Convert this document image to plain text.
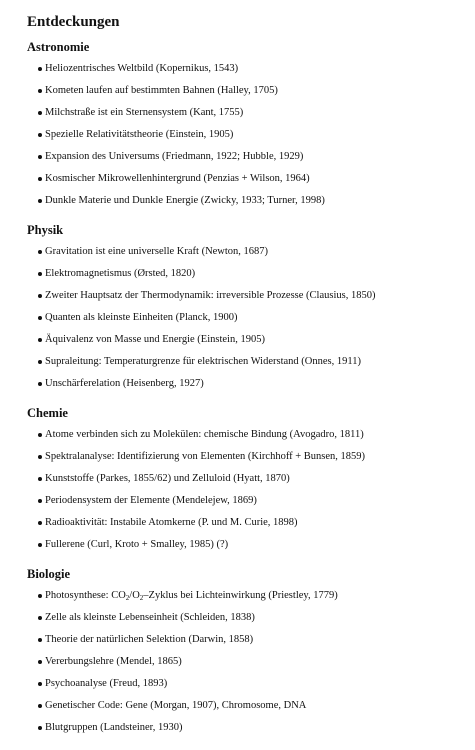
Entdeckungen
Astronomie
Heliozentrisches Weltbild (Kopernikus, 1543)
Kometen laufen auf bestimmten Bahnen (Halley, 1705)
Milchstraße ist ein Sternensystem (Kant, 1755)
Spezielle Relativitätstheorie (Einstein, 1905)
Expansion des Universums (Friedmann, 1922; Hubble, 1929)
Kosmischer Mikrowellenhintergrund (Penzias + Wilson, 1964)
Dunkle Materie und Dunkle Energie (Zwicky, 1933; Turner, 1998)
Physik
Gravitation ist eine universelle Kraft (Newton, 1687)
Elektromagnetismus (Ørsted, 1820)
Zweiter Hauptsatz der Thermodynamik: irreversible Prozesse (Clausius, 1850)
Quanten als kleinste Einheiten (Planck, 1900)
Äquivalenz von Masse und Energie (Einstein, 1905)
Supraleitung: Temperaturgrenze für elektrischen Widerstand (Onnes, 1911)
Unschärferelation (Heisenberg, 1927)
Chemie
Atome verbinden sich zu Molekülen: chemische Bindung (Avogadro, 1811)
Spektralanalyse: Identifizierung von Elementen (Kirchhoff + Bunsen, 1859)
Kunststoffe (Parkes, 1855/62) und Zelluloid (Hyatt, 1870)
Periodensystem der Elemente (Mendelejew, 1869)
Radioaktivität: Instabile Atomkerne (P. und M. Curie, 1898)
Fullerene (Curl, Kroto + Smalley, 1985) (?)
Biologie
Photosynthese: $CO_2/O_2$–Zyklus bei Lichteinwirkung (Priestley, 1779)
Zelle als kleinste Lebenseinheit (Schleiden, 1838)
Theorie der natürlichen Selektion (Darwin, 1858)
Vererbungslehre (Mendel, 1865)
Psychoanalyse (Freud, 1893)
Genetischer Code: Gene (Morgan, 1907), Chromosome, DNA
Blutgruppen (Landsteiner, 1930)
